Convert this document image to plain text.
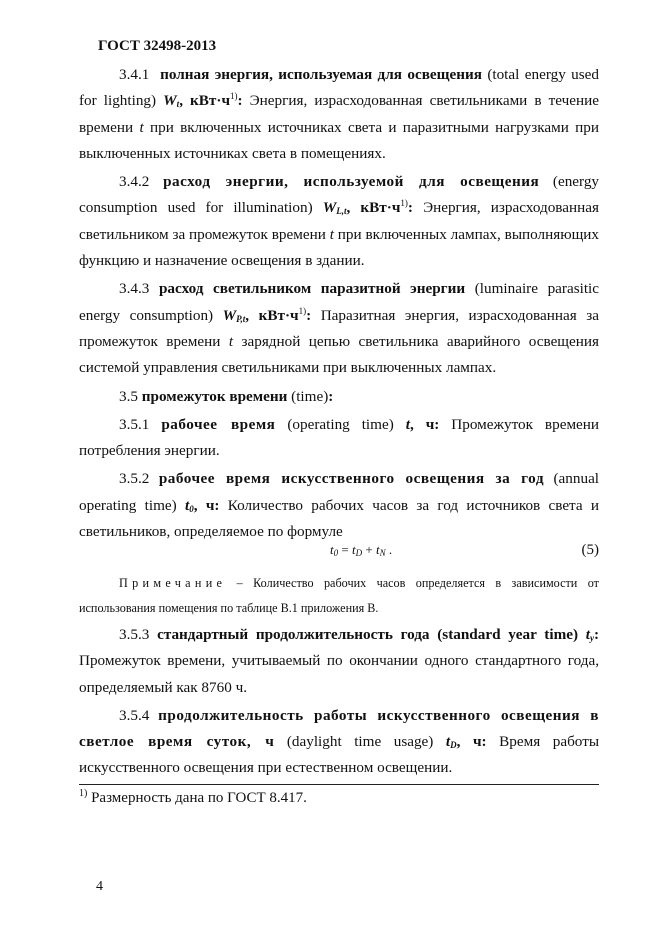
ГОСТ 32498-2013

3.4.1 полная энергия, используемая для освещения (total energy used for lighting) $W_t$, $кВт\cdot ч^{1)}$: Энергия, израсходованная светильниками в течение времени t при включенных источниках света и паразитными нагрузками при выключенных источниках света в помещениях.

3.4.2 расход энергии, используемой для освещения (energy consumption used for illumination) $W_{L,t}$, $кВт\cdot ч^{1)}$: Энергия, израсходованная светильником за промежуток времени t при включенных лампах, выполняющих функцию и назначение освещения в здании.

3.4.3 расход светильником паразитной энергии (luminaire parasitic energy consumption) $W_{P,t}$, $кВт\cdot ч^{1)}$: Паразитная энергия, израсходованная за промежуток времени t зарядной цепью светильника аварийного освещения системой управления светильниками при выключенных лампах.

3.5 промежуток времени (time):

3.5.1 рабочее время (operating time) t, ч: Промежуток времени потребления энергии.

3.5.2 рабочее время искусственного освещения за год (annual operating time) $t_0$, ч: Количество рабочих часов за год источников света и светильников, определяемое по формуле

$t_0 = t_D + t_N$ .	(5)

Примечание – Количество рабочих часов определяется в зависимости от использования помещения по таблице В.1 приложения В.

3.5.3 стандартный продолжительность года (standard year time) $t_y$: Промежуток времени, учитываемый по окончании одного стандартного года, определяемый как 8760 ч.

3.5.4 продолжительность работы искусственного освещения в светлое время суток, ч (daylight time usage) $t_D$, ч: Время работы искусственного освещения при естественном освещении.

$^{1)}$ Размерность дана по ГОСТ 8.417.
4
